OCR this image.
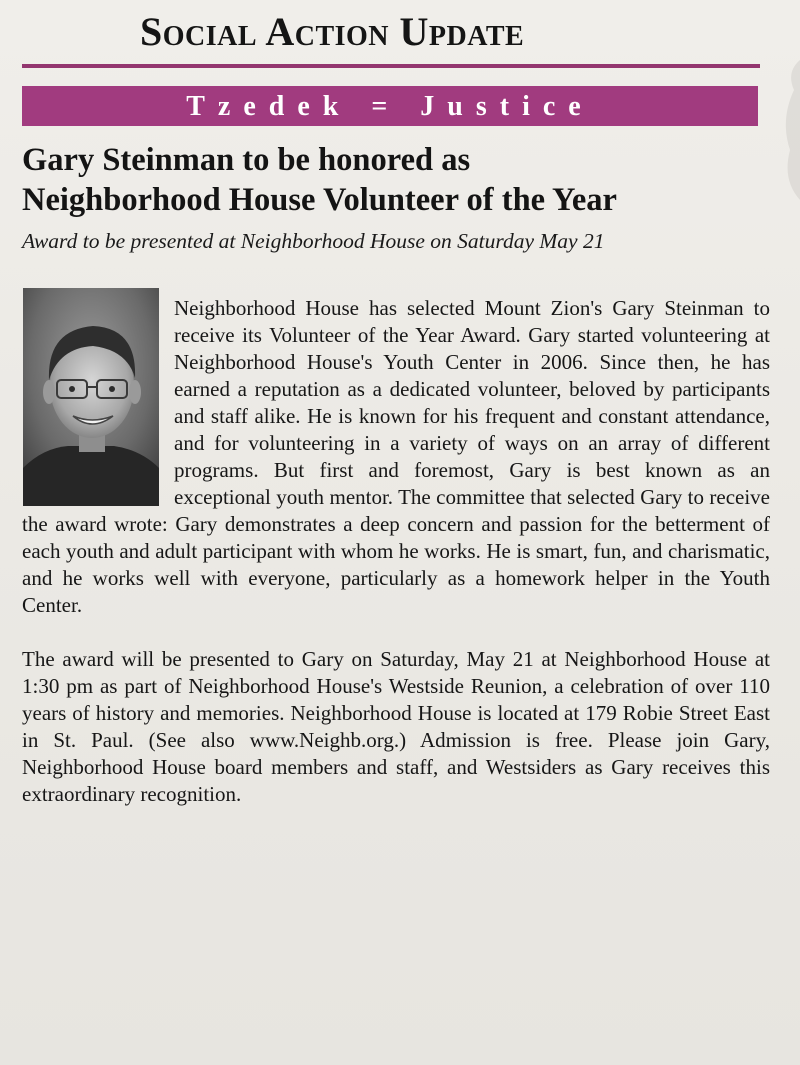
Social Action Update
Tzedek = Justice
Gary Steinman to be honored as
Neighborhood House Volunteer of the Year

Award to be presented at Neighborhood House on Saturday May 21

Neighborhood House has selected Mount Zion's Gary Steinman to receive its Volunteer of the Year Award. Gary started volunteering at Neighborhood House's Youth Center in 2006. Since then, he has earned a reputation as a dedicated volunteer, beloved by participants and staff alike. He is known for his frequent and constant attendance, and for volunteering in a variety of ways on an array of different programs. But first and foremost, Gary is best known as an exceptional youth mentor. The committee that selected Gary to receive the award wrote: Gary demonstrates a deep concern and passion for the betterment of each youth and adult participant with whom he works. He is smart, fun, and charismatic, and he works well with everyone, particularly as a homework helper in the Youth Center.

The award will be presented to Gary on Saturday, May 21 at Neighborhood House at 1:30 pm as part of Neighborhood House's Westside Reunion, a celebration of over 110 years of history and memories. Neighborhood House is located at 179 Robie Street East in St. Paul. (See also www.Neighb.org.) Admission is free. Please join Gary, Neighborhood House board members and staff, and Westsiders as Gary receives this extraordinary recognition.
